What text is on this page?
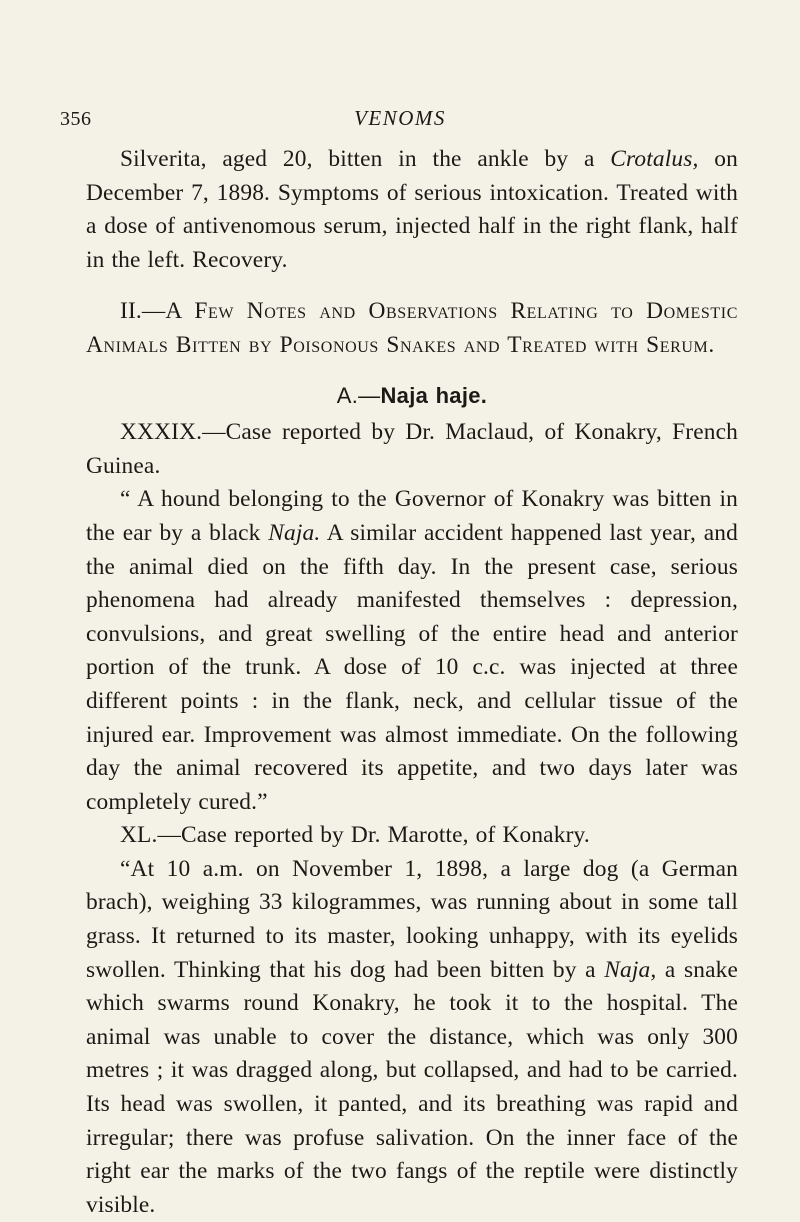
356	VENOMS

Silverita, aged 20, bitten in the ankle by a Crotalus, on December 7, 1898. Symptoms of serious intoxication. Treated with a dose of antivenomous serum, injected half in the right flank, half in the left. Recovery.

II.—A Few Notes and Observations Relating to Domestic Animals Bitten by Poisonous Snakes and Treated with Serum.

A.—Naja haje.

XXXIX.—Case reported by Dr. Maclaud, of Konakry, French Guinea.

“ A hound belonging to the Governor of Konakry was bitten in the ear by a black Naja. A similar accident happened last year, and the animal died on the fifth day. In the present case, serious phenomena had already manifested themselves : depression, convulsions, and great swelling of the entire head and anterior portion of the trunk. A dose of 10 c.c. was injected at three different points : in the flank, neck, and cellular tissue of the injured ear. Improvement was almost immediate. On the following day the animal recovered its appetite, and two days later was completely cured.”

XL.—Case reported by Dr. Marotte, of Konakry.

“At 10 a.m. on November 1, 1898, a large dog (a German brach), weighing 33 kilogrammes, was running about in some tall grass. It returned to its master, looking unhappy, with its eyelids swollen. Thinking that his dog had been bitten by a Naja, a snake which swarms round Konakry, he took it to the hospital. The animal was unable to cover the distance, which was only 300 metres ; it was dragged along, but collapsed, and had to be carried. Its head was swollen, it panted, and its breathing was rapid and irregular; there was profuse salivation. On the inner face of the right ear the marks of the two fangs of the reptile were distinctly visible.
